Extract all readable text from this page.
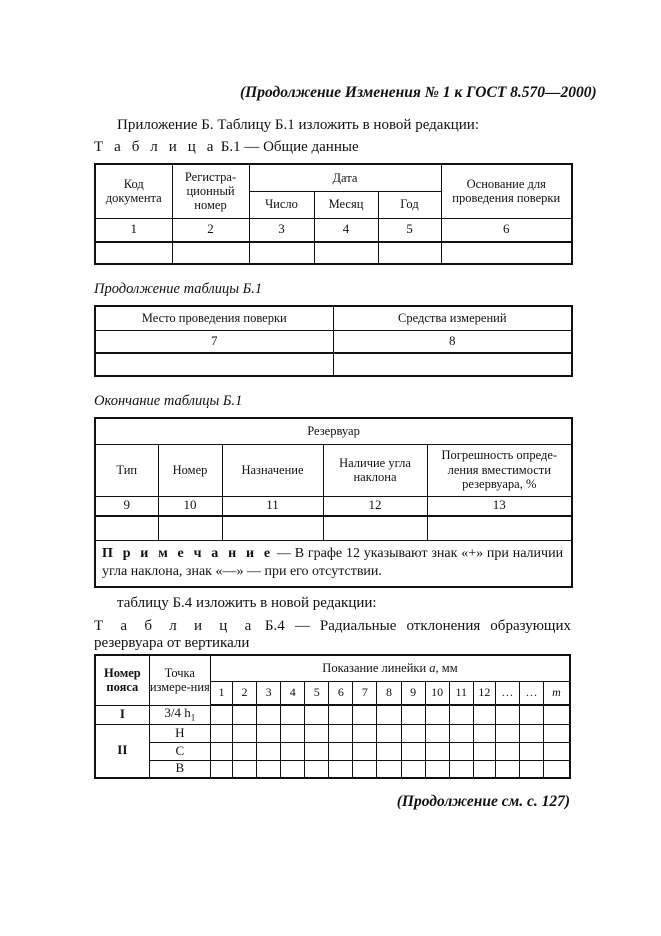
(Продолжение Изменения № 1 к ГОСТ 8.570—2000)
Приложение Б. Таблицу Б.1 изложить в новой редакции:
Т а б л и ц а Б.1 — Общие данные
Код документа	Регистра-ционный номер	Дата			Основание для проведения поверки
		Число	Месяц	Год	
1	2	3	4	5	6

Продолжение таблицы Б.1
Место проведения поверки	Средства измерений
7	8

Окончание таблицы Б.1
Резервуар				
Тип	Номер	Назначение	Наличие угла наклона	Погрешность опреде-ления вместимости резервуара, %
9	10	11	12	13

П р и м е ч а н и е — В графе 12 указывают знак «+» при наличии угла наклона, знак «—» — при его отсутствии.				
таблицу Б.4 изложить в новой редакции:
Т а б л и ц а Б.4 — Радиальные отклонения образующих резервуара от вертикали
Номер пояса	Точка измере-ния	Показание линейки a, мм														
		1	2	3	4	5	6	7	8	9	10	11	12	…	…	m
I	3/4 $h_1$															
II	Н															
	С															
	В															
(Продолжение см. с. 127)
